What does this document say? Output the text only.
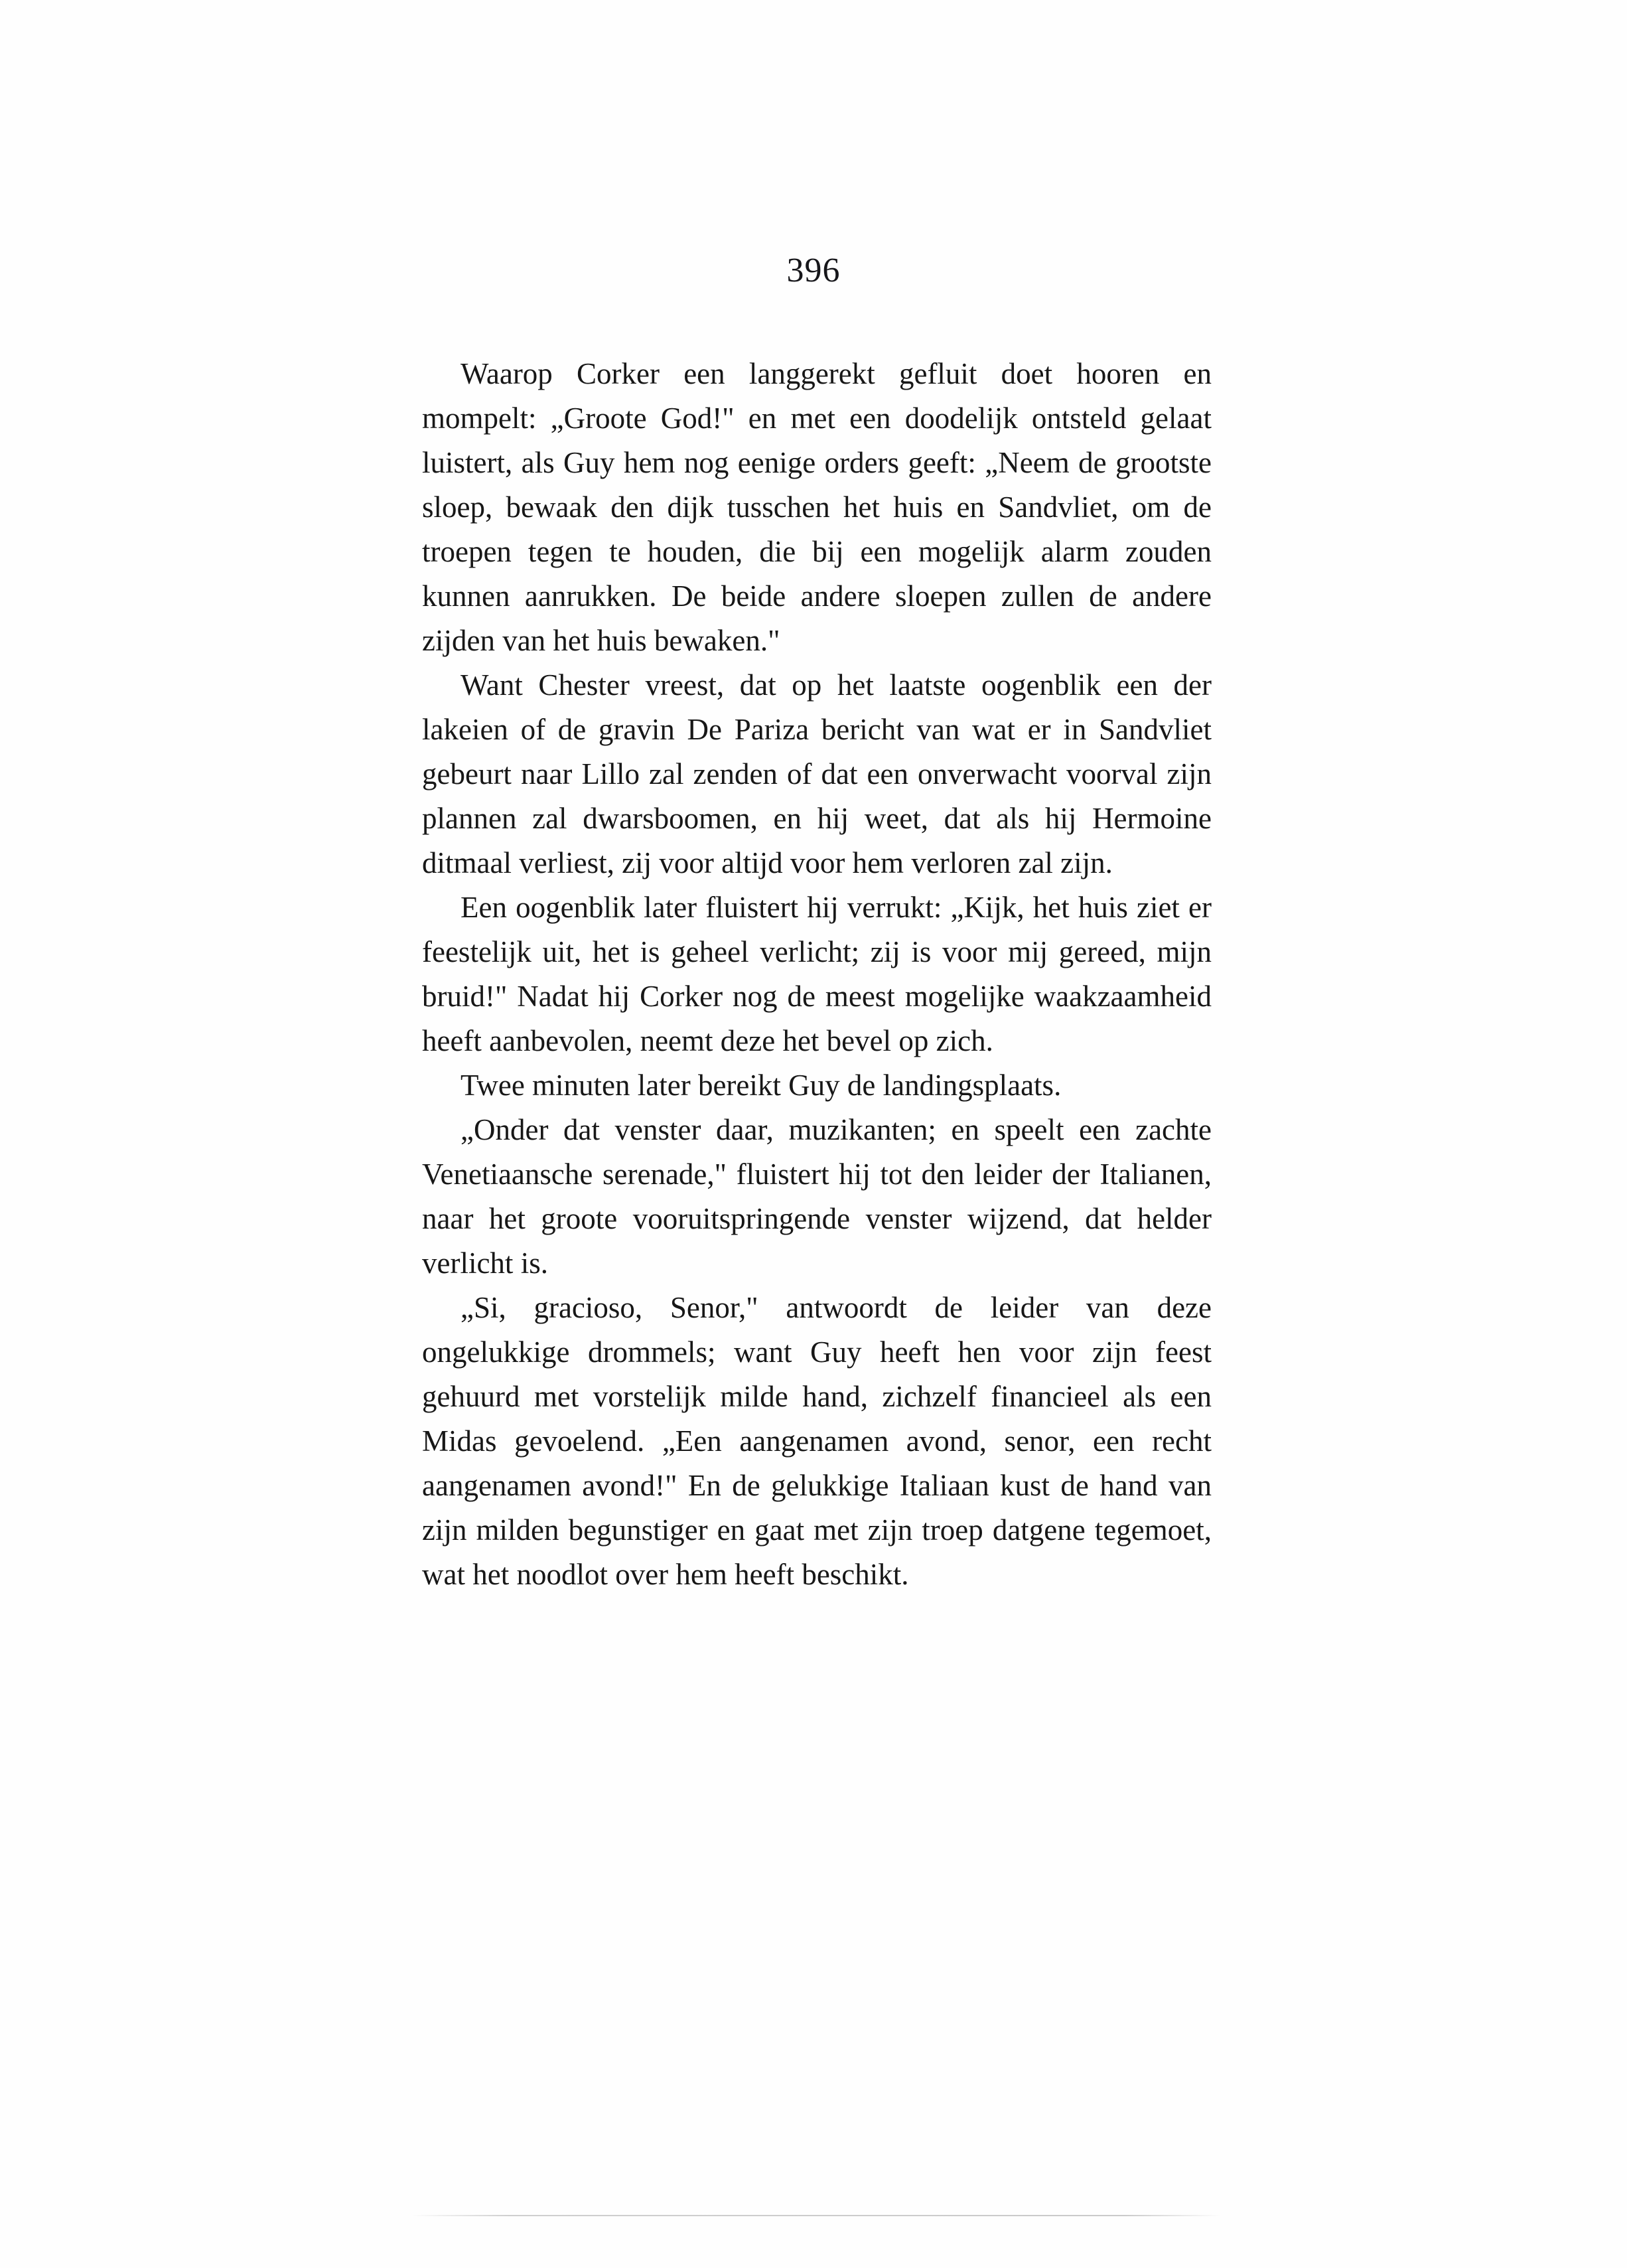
396

Waarop Corker een langgerekt gefluit doet hooren en mompelt: „Groote God!" en met een doodelijk ontsteld gelaat luistert, als Guy hem nog eenige orders geeft: „Neem de grootste sloep, bewaak den dijk tusschen het huis en Sandvliet, om de troepen tegen te houden, die bij een mogelijk alarm zouden kunnen aanrukken. De beide andere sloepen zullen de andere zijden van het huis bewaken."

Want Chester vreest, dat op het laatste oogenblik een der lakeien of de gravin De Pariza bericht van wat er in Sandvliet gebeurt naar Lillo zal zenden of dat een onverwacht voorval zijn plannen zal dwarsboomen, en hij weet, dat als hij Hermoine ditmaal verliest, zij voor altijd voor hem verloren zal zijn.

Een oogenblik later fluistert hij verrukt: „Kijk, het huis ziet er feestelijk uit, het is geheel verlicht; zij is voor mij gereed, mijn bruid!" Nadat hij Corker nog de meest mogelijke waakzaamheid heeft aanbevolen, neemt deze het bevel op zich.

Twee minuten later bereikt Guy de landingsplaats.

„Onder dat venster daar, muzikanten; en speelt een zachte Venetiaansche serenade," fluistert hij tot den leider der Italianen, naar het groote vooruitspringende venster wijzend, dat helder verlicht is.

„Si, gracioso, Senor," antwoordt de leider van deze ongelukkige drommels; want Guy heeft hen voor zijn feest gehuurd met vorstelijk milde hand, zichzelf financieel als een Midas gevoelend. „Een aangenamen avond, senor, een recht aangenamen avond!" En de gelukkige Italiaan kust de hand van zijn milden begunstiger en gaat met zijn troep datgene tegemoet, wat het noodlot over hem heeft beschikt.
